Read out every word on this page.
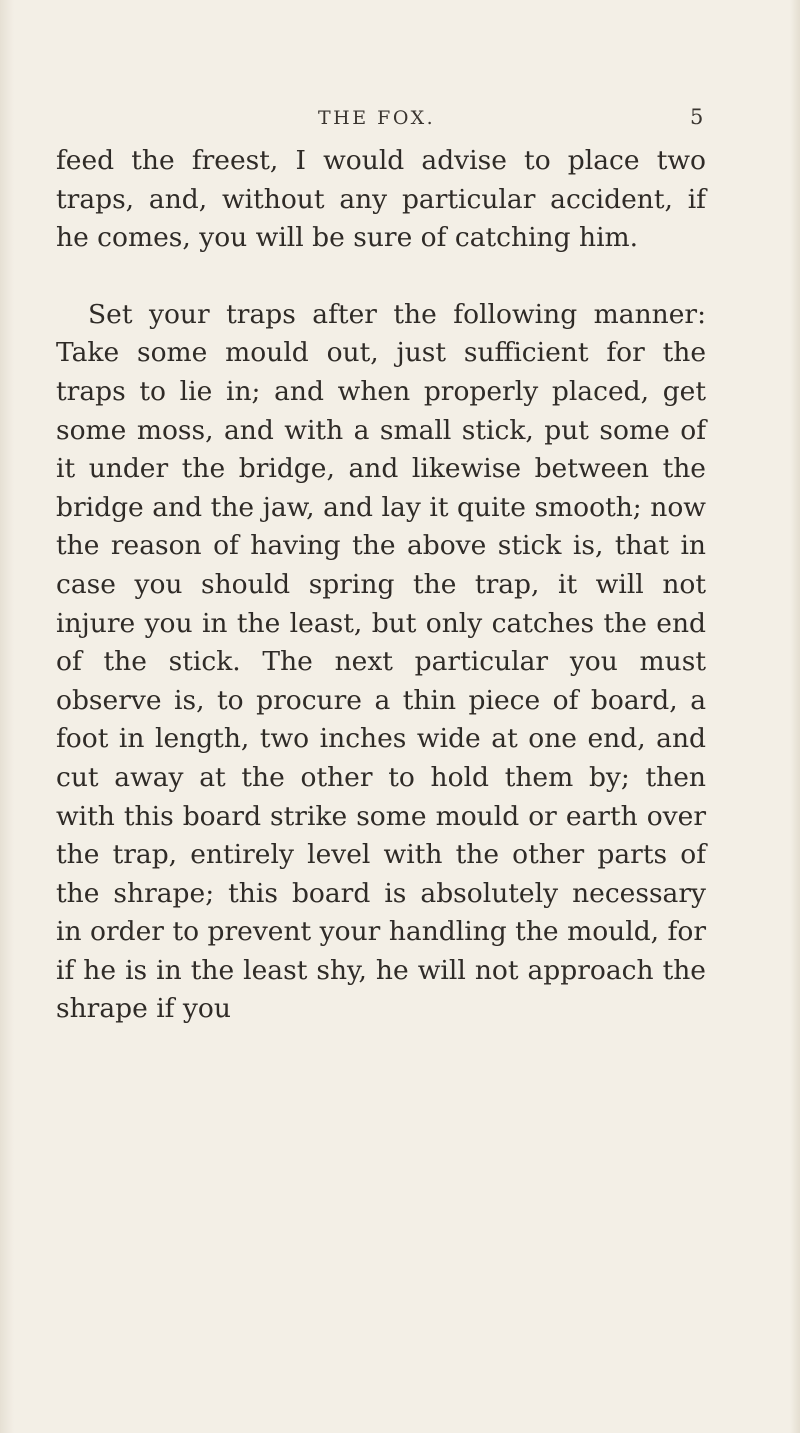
THE FOX.	5

feed the freest, I would advise to place two traps, and, without any particular accident, if he comes, you will be sure of catching him.

Set your traps after the following manner: Take some mould out, just sufficient for the traps to lie in; and when properly placed, get some moss, and with a small stick, put some of it under the bridge, and likewise between the bridge and the jaw, and lay it quite smooth; now the reason of having the above stick is, that in case you should spring the trap, it will not injure you in the least, but only catches the end of the stick. The next particular you must observe is, to procure a thin piece of board, a foot in length, two inches wide at one end, and cut away at the other to hold them by; then with this board strike some mould or earth over the trap, entirely level with the other parts of the shrape; this board is absolutely necessary in order to prevent your handling the mould, for if he is in the least shy, he will not approach the shrape if you
